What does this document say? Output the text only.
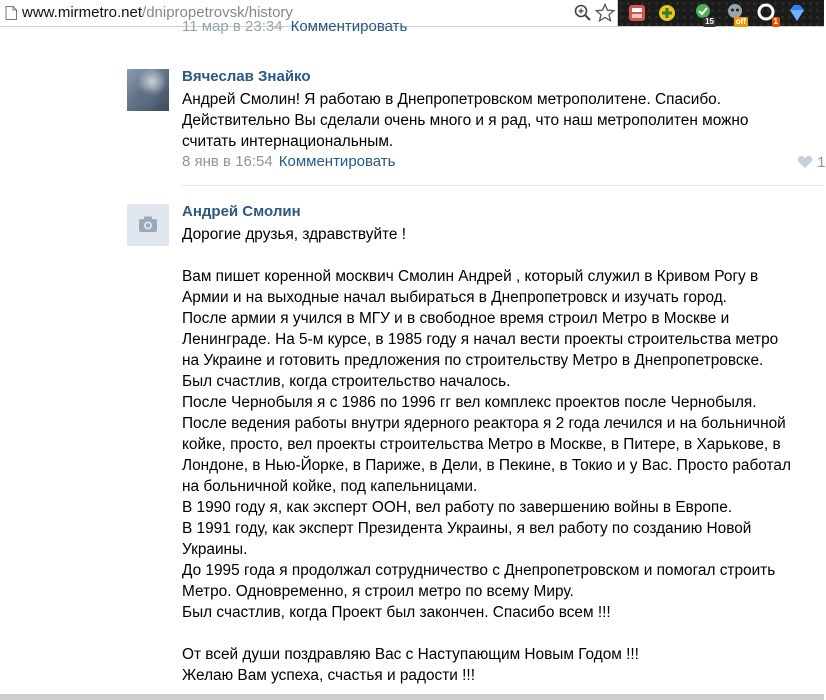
www.mirmetro.net/dnipropetrovsk/history
15	off	1
11 мар в 23:34 Комментировать
Вячеслав Знайко

Андрей Смолин! Я работаю в Днепропетровском метрополитене. Спасибо.

Действительно Вы сделали очень много и я рад, что наш метрополитен можно

считать интернациональным.

8 янв в 16:54 Комментировать	1
Андрей Смолин

Дорогие друзья, здравствуйте !

Вам пишет коренной москвич Смолин Андрей , который служил в Кривом Рогу в

Армии и на выходные начал выбираться в Днепропетровск и изучать город.

После армии я учился в МГУ и в свободное время строил Метро в Москве и

Ленинграде. На 5-м курсе, в 1985 году я начал вести проекты строительства метро

на Украине и готовить предложения по строительству Метро в Днепропетровске.

Был счастлив, когда строительство началось.

После Чернобыля я с 1986 по 1996 гг вел комплекс проектов после Чернобыля.

После ведения работы внутри ядерного реактора я 2 года лечился и на больничной

койке, просто, вел проекты строительства Метро в Москве, в Питере, в Харькове, в

Лондоне, в Нью-Йорке, в Париже, в Дели, в Пекине, в Токио и у Вас. Просто работал

на больничной койке, под капельницами.

В 1990 году я, как эксперт ООН, вел работу по завершению войны в Европе.

В 1991 году, как эксперт Президента Украины, я вел работу по созданию Новой

Украины.

До 1995 года я продолжал сотрудничество с Днепропетровском и помогал строить

Метро. Одновременно, я строил метро по всему Миру.

Был счастлив, когда Проект был закончен. Спасибо всем !!!

От всей души поздравляю Вас с Наступающим Новым Годом !!!

Желаю Вам успеха, счастья и радости !!!
